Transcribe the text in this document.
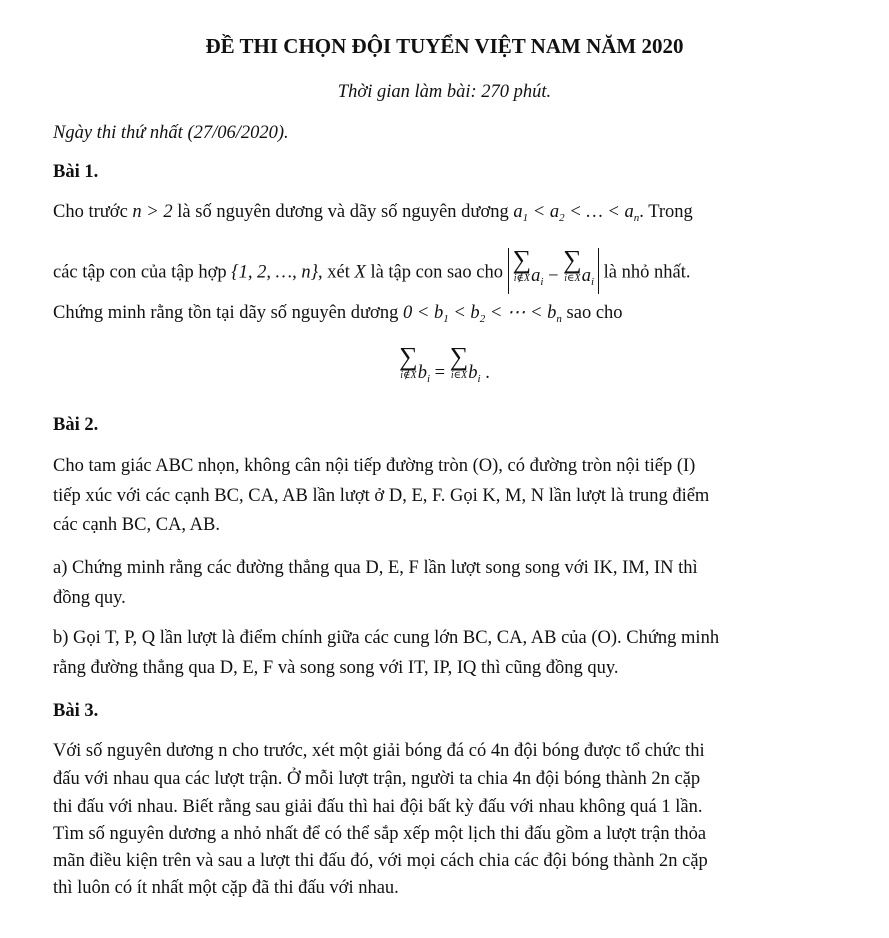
ĐỀ THI CHỌN ĐỘI TUYỂN VIỆT NAM NĂM 2020
Thời gian làm bài: 270 phút.
Ngày thi thứ nhất (27/06/2020).
Bài 1.
Cho trước n > 2 là số nguyên dương và dãy số nguyên dương $a_1 < a_2$ < … < $a_n$. Trong
các tập con của tập hợp {1, 2, …, n}, xét X là tập con sao cho ∑
i∉X $a_i$ − ∑
i∈X $a_i$ là nhỏ nhất.
Chứng minh rằng tồn tại dãy số nguyên dương $0 < b_1 < b_2$ < ⋯ < $b_n$ sao cho
∑
i∉X $b_i$ = ∑
i∈X $b_i$ .
Bài 2.
Cho tam giác ABC nhọn, không cân nội tiếp đường tròn (O), có đường tròn nội tiếp (I)
tiếp xúc với các cạnh BC, CA, AB lần lượt ở D, E, F. Gọi K, M, N lần lượt là trung điểm
các cạnh BC, CA, AB.
a) Chứng minh rằng các đường thẳng qua D, E, F lần lượt song song với IK, IM, IN thì
đồng quy.
b) Gọi T, P, Q lần lượt là điểm chính giữa các cung lớn BC, CA, AB của (O). Chứng minh
rằng đường thẳng qua D, E, F và song song với IT, IP, IQ thì cũng đồng quy.
Bài 3.
Với số nguyên dương n cho trước, xét một giải bóng đá có 4n đội bóng được tổ chức thi
đấu với nhau qua các lượt trận. Ở mỗi lượt trận, người ta chia 4n đội bóng thành 2n cặp
thi đấu với nhau. Biết rằng sau giải đấu thì hai đội bất kỳ đấu với nhau không quá 1 lần.
Tìm số nguyên dương a nhỏ nhất để có thể sắp xếp một lịch thi đấu gồm a lượt trận thỏa
mãn điều kiện trên và sau a lượt thi đấu đó, với mọi cách chia các đội bóng thành 2n cặp
thì luôn có ít nhất một cặp đã thi đấu với nhau.
